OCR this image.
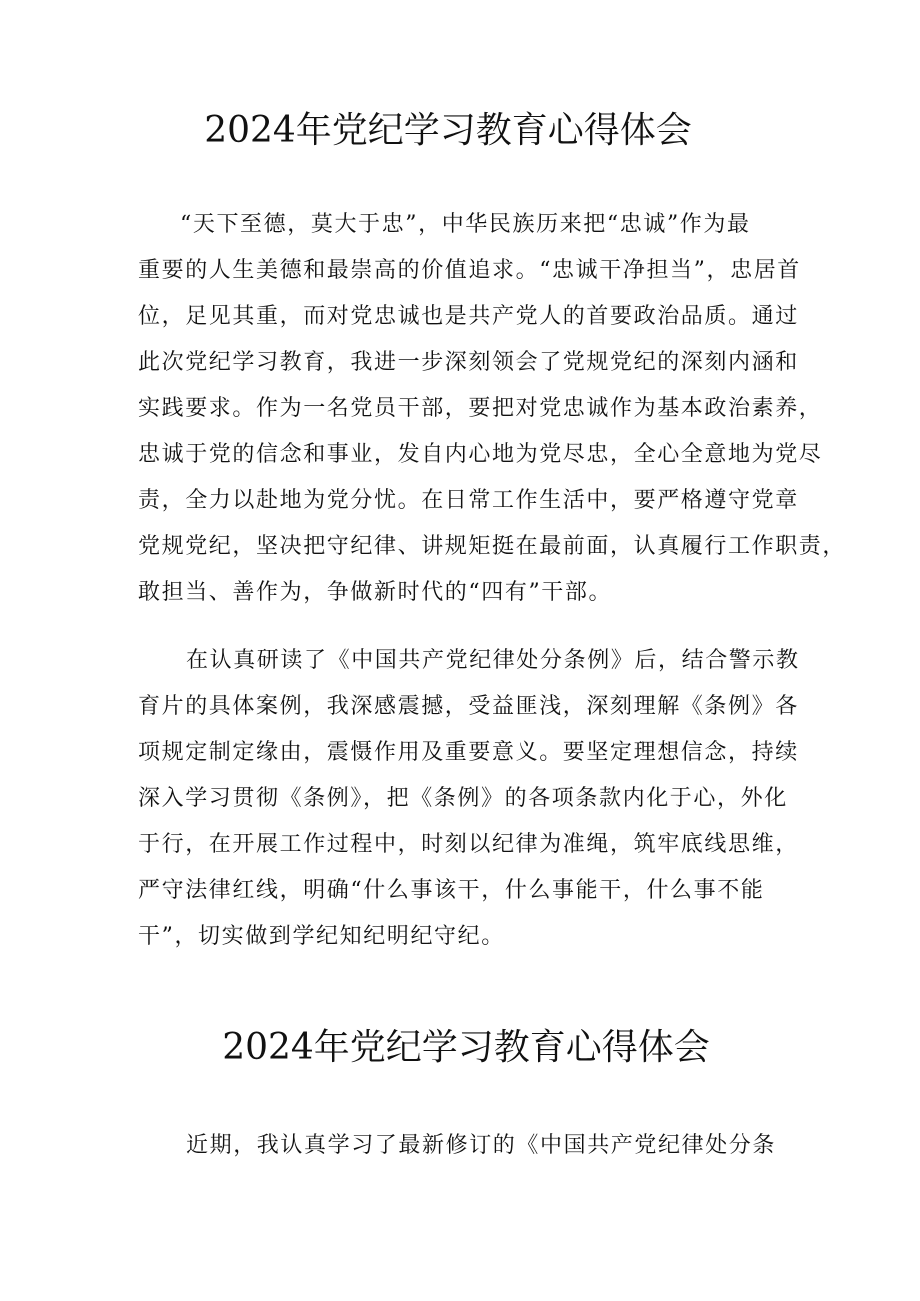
2024年党纪学习教育心得体会
“天下至德，莫大于忠”，中华民族历来把“忠诚”作为最
重要的人生美德和最崇高的价值追求。“忠诚干净担当”，忠居首
位，足见其重，而对党忠诚也是共产党人的首要政治品质。通过
此次党纪学习教育，我进一步深刻领会了党规党纪的深刻内涵和
实践要求。作为一名党员干部，要把对党忠诚作为基本政治素养，
忠诚于党的信念和事业，发自内心地为党尽忠，全心全意地为党尽
责，全力以赴地为党分忧。在日常工作生活中，要严格遵守党章
党规党纪，坚决把守纪律、讲规矩挺在最前面，认真履行工作职责，
敢担当、善作为，争做新时代的“四有”干部。
在认真研读了《中国共产党纪律处分条例》后，结合警示教
育片的具体案例，我深感震撼，受益匪浅，深刻理解《条例》各
项规定制定缘由，震慑作用及重要意义。要坚定理想信念，持续
深入学习贯彻《条例》，把《条例》的各项条款内化于心，外化
于行，在开展工作过程中，时刻以纪律为准绳，筑牢底线思维，
严守法律红线，明确“什么事该干，什么事能干，什么事不能
干”，切实做到学纪知纪明纪守纪。
2024年党纪学习教育心得体会
近期，我认真学习了最新修订的《中国共产党纪律处分条
